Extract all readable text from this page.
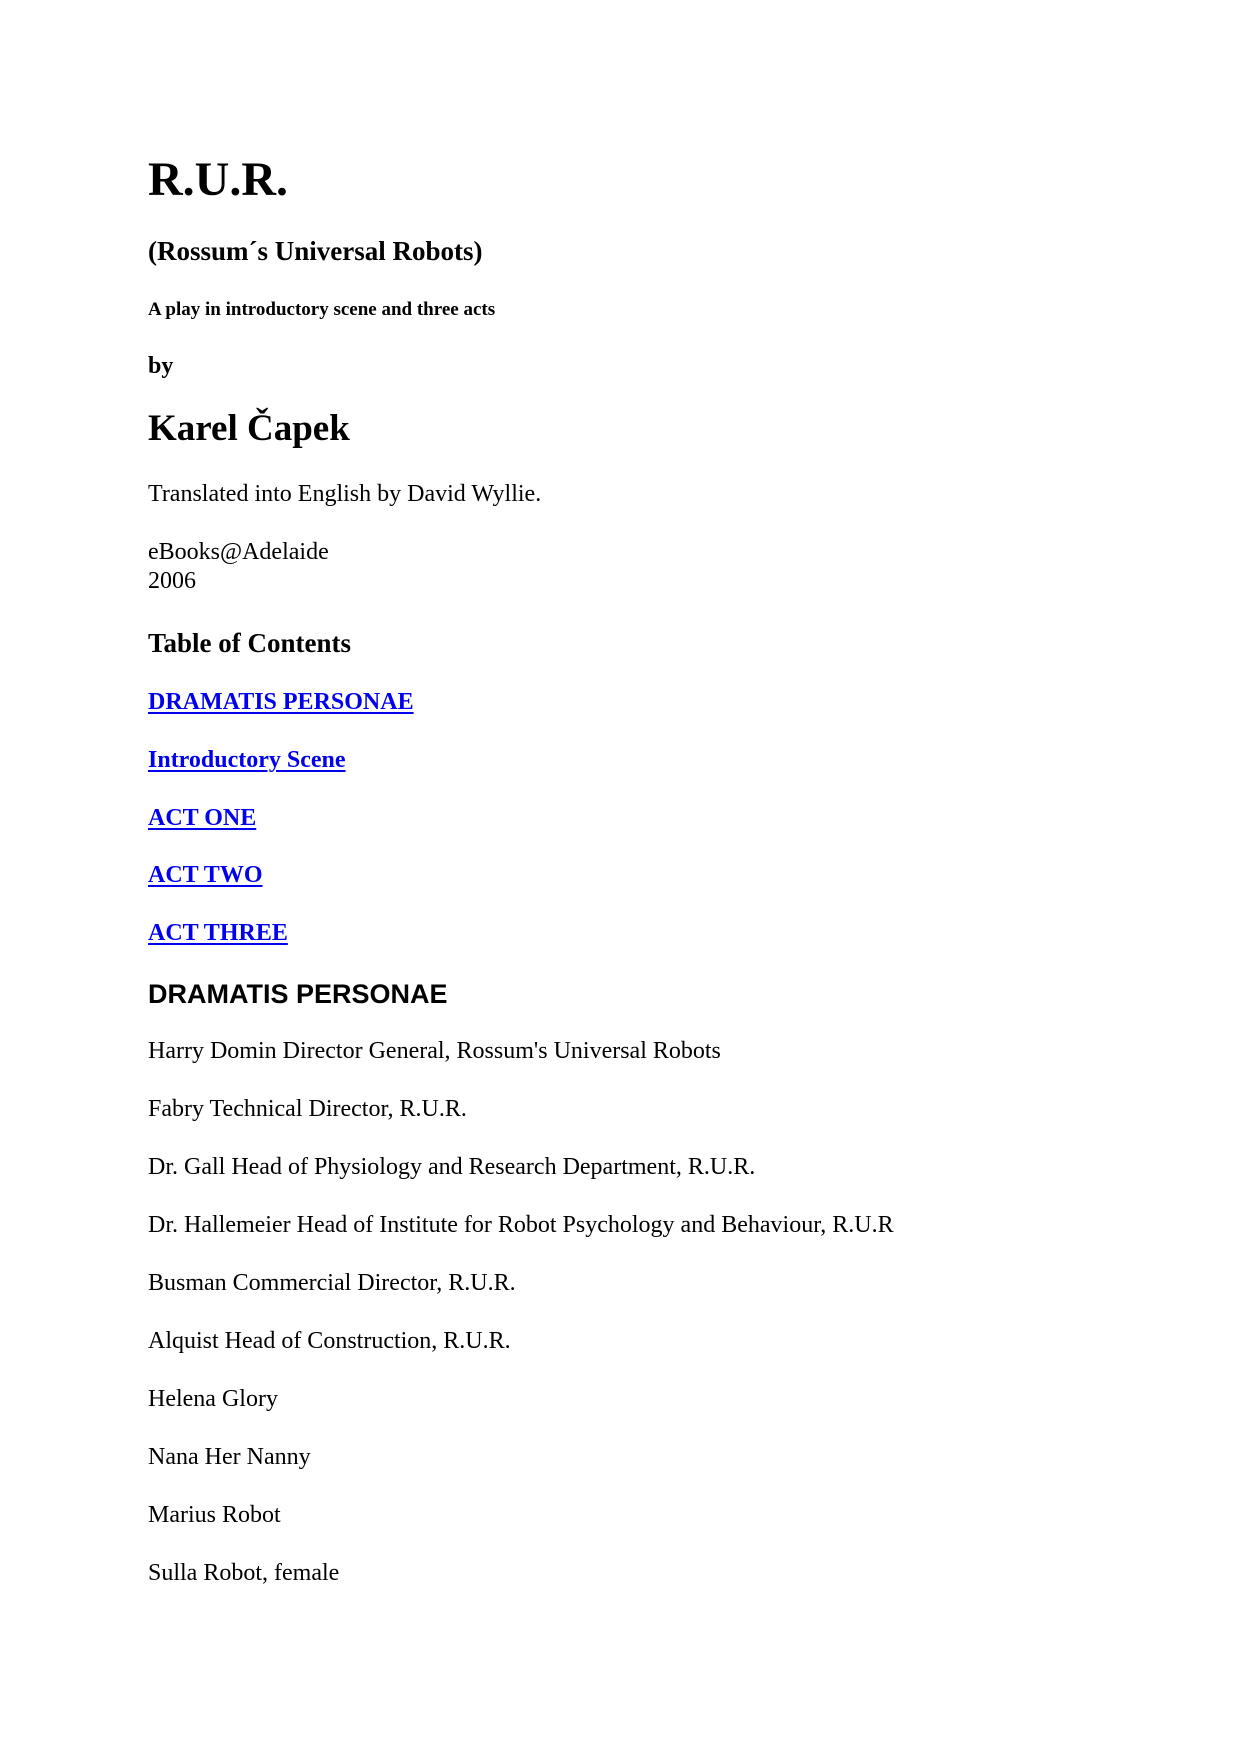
R.U.R.
(Rossum´s Universal Robots)
A play in introductory scene and three acts
by
Karel Čapek
Translated into English by David Wyllie.
eBooks@Adelaide
2006
Table of Contents
DRAMATIS PERSONAE
Introductory Scene
ACT ONE
ACT TWO
ACT THREE
DRAMATIS PERSONAE
Harry Domin Director General, Rossum's Universal Robots
Fabry Technical Director, R.U.R.
Dr. Gall Head of Physiology and Research Department, R.U.R.
Dr. Hallemeier Head of Institute for Robot Psychology and Behaviour, R.U.R
Busman Commercial Director, R.U.R.
Alquist Head of Construction, R.U.R.
Helena Glory
Nana Her Nanny
Marius Robot
Sulla Robot, female
